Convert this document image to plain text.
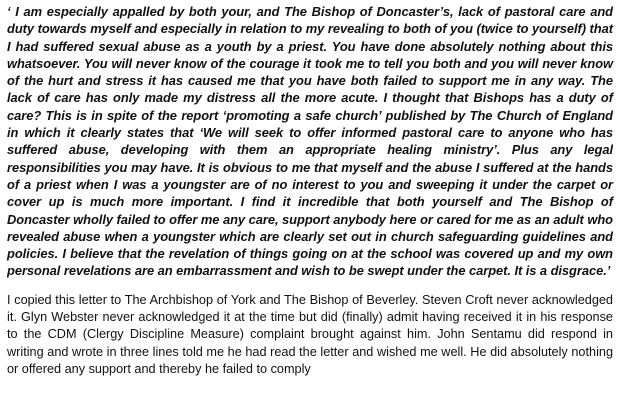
‘ I am especially appalled by both your, and The Bishop of Doncaster’s, lack of pastoral care and duty towards myself and especially in relation to my revealing to both of you (twice to yourself) that I had suffered sexual abuse as a youth by a priest. You have done absolutely nothing about this whatsoever. You will never know of the courage it took me to tell you both and you will never know of the hurt and stress it has caused me that you have both failed to support me in any way. The lack of care has only made my distress all the more acute. I thought that Bishops has a duty of care? This is in spite of the report ‘promoting a safe church’ published by The Church of England in which it clearly states that ‘We will seek to offer informed pastoral care to anyone who has suffered abuse, developing with them an appropriate healing ministry’. Plus any legal responsibilities you may have. It is obvious to me that myself and the abuse I suffered at the hands of a priest when I was a youngster are of no interest to you and sweeping it under the carpet or cover up is much more important. I find it incredible that both yourself and The Bishop of Doncaster wholly failed to offer me any care, support anybody here or cared for me as an adult who revealed abuse when a youngster which are clearly set out in church safeguarding guidelines and policies. I believe that the revelation of things going on at the school was covered up and my own personal revelations are an embarrassment and wish to be swept under the carpet. It is a disgrace.’

I copied this letter to The Archbishop of York and The Bishop of Beverley. Steven Croft never acknowledged it. Glyn Webster never acknowledged it at the time but did (finally) admit having received it in his response to the CDM (Clergy Discipline Measure) complaint brought against him. John Sentamu did respond in writing and wrote in three lines told me he had read the letter and wished me well. He did absolutely nothing or offered any support and thereby he failed to comply
